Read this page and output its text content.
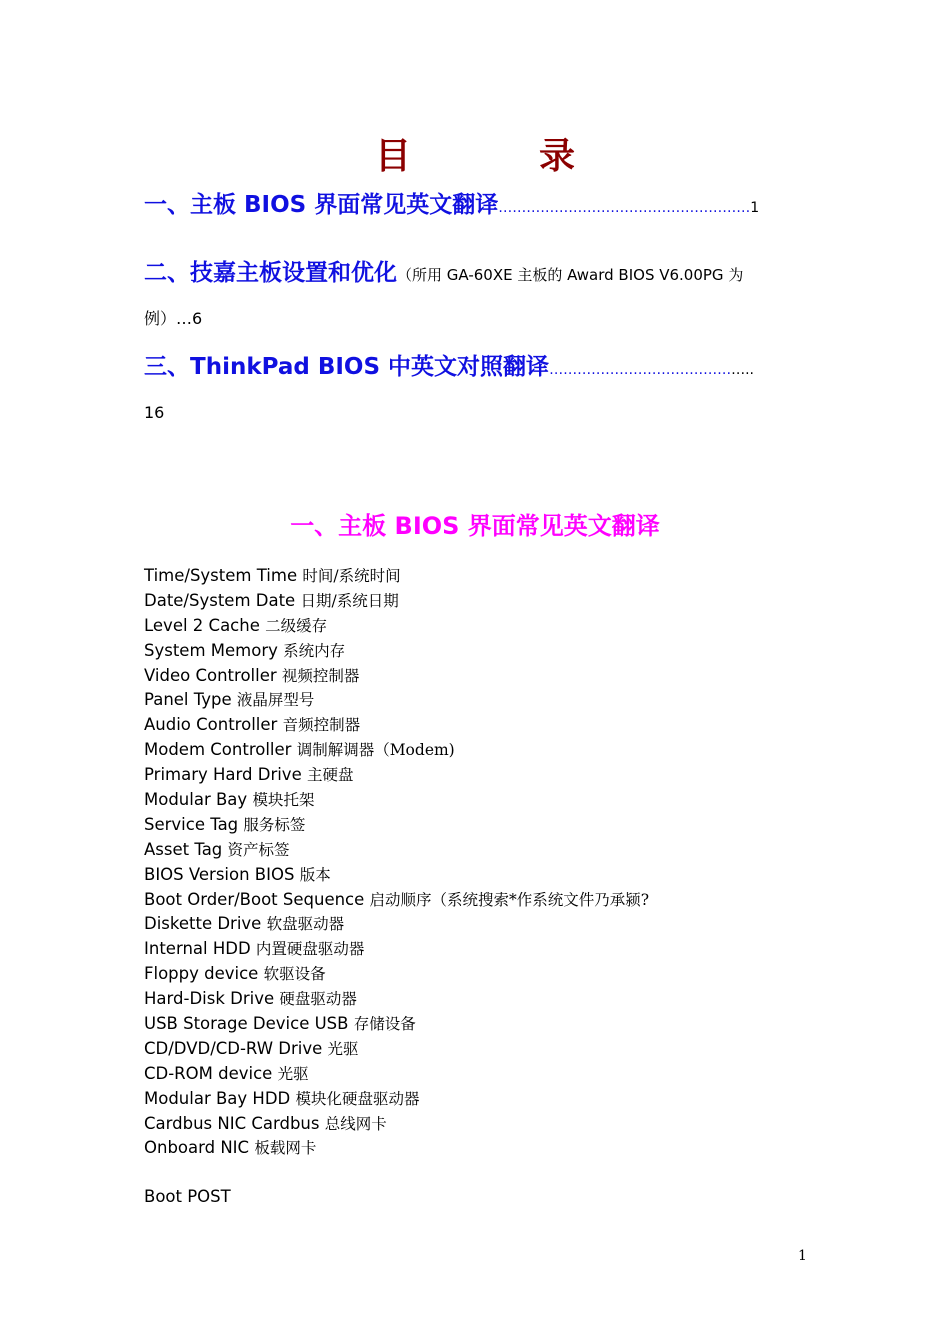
目　录
一、主板 BIOS 界面常见英文翻译………………………………………………1
二、技嘉主板设置和优化（所用 GA-60XE 主板的 Award BIOS V6.00PG 为
例）…6
三、ThinkPad BIOS 中英文对照翻译……………………………………..
16
一、主板 BIOS 界面常见英文翻译
Time/System Time 时间/系统时间
Date/System Date 日期/系统日期
Level 2 Cache 二级缓存
System Memory 系统内存
Video Controller 视频控制器
Panel Type 液晶屏型号
Audio Controller 音频控制器
Modem Controller 调制解调器（Modem)
Primary Hard Drive 主硬盘
Modular Bay 模块托架
Service Tag 服务标签
Asset Tag 资产标签
BIOS Version BIOS 版本
Boot Order/Boot Sequence 启动顺序（系统搜索*作系统文件乃承颍?
Diskette Drive 软盘驱动器
Internal HDD 内置硬盘驱动器
Floppy device 软驱设备
Hard-Disk Drive 硬盘驱动器
USB Storage Device USB 存储设备
CD/DVD/CD-RW Drive 光驱
CD-ROM device 光驱
Modular Bay HDD 模块化硬盘驱动器
Cardbus NIC Cardbus 总线网卡
Onboard NIC 板载网卡
Boot POST
1
